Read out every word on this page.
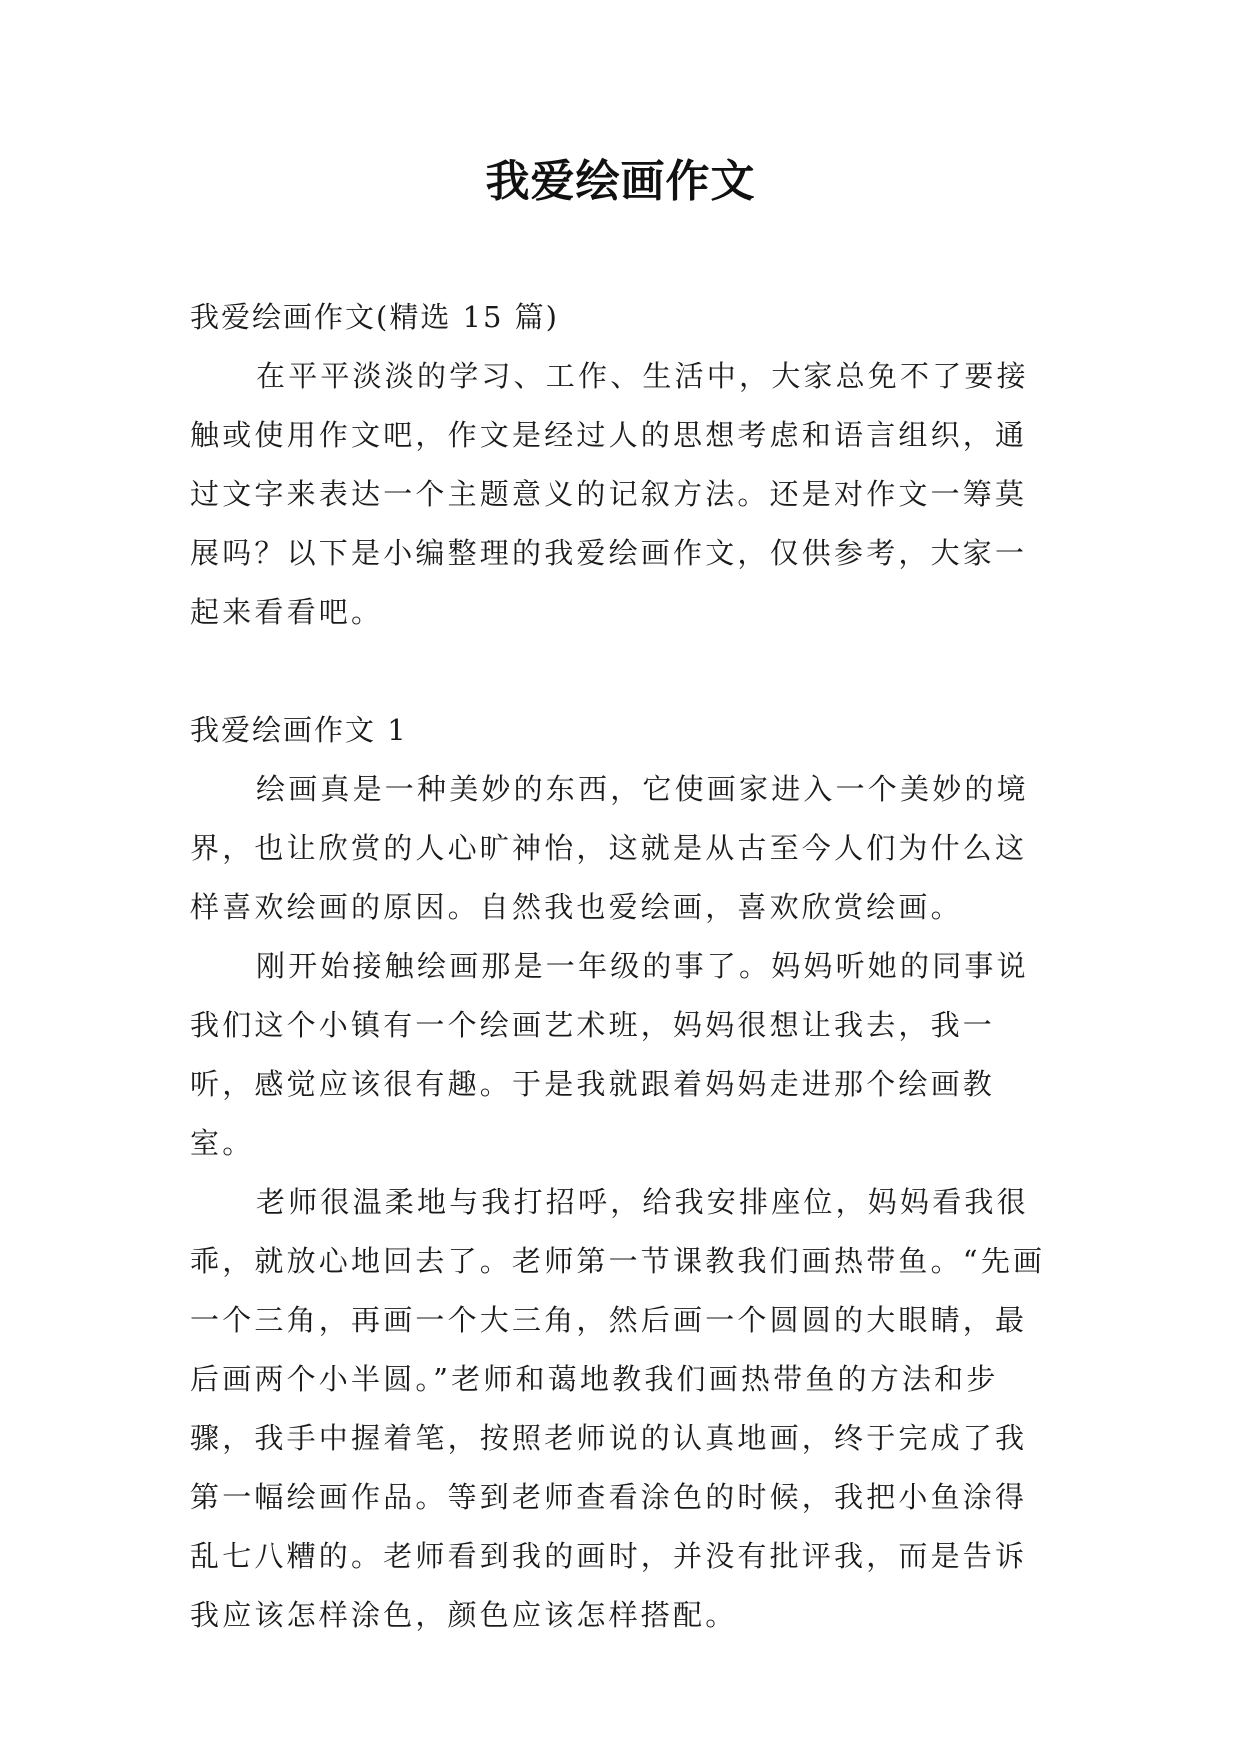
我爱绘画作文

我爱绘画作文(精选 15 篇)

在平平淡淡的学习、工作、生活中，大家总免不了要接触或使用作文吧，作文是经过人的思想考虑和语言组织，通过文字来表达一个主题意义的记叙方法。还是对作文一筹莫展吗？以下是小编整理的我爱绘画作文，仅供参考，大家一起来看看吧。

我爱绘画作文 1

绘画真是一种美妙的东西，它使画家进入一个美妙的境界，也让欣赏的人心旷神怡，这就是从古至今人们为什么这样喜欢绘画的原因。自然我也爱绘画，喜欢欣赏绘画。

刚开始接触绘画那是一年级的事了。妈妈听她的同事说我们这个小镇有一个绘画艺术班，妈妈很想让我去，我一听，感觉应该很有趣。于是我就跟着妈妈走进那个绘画教室。

老师很温柔地与我打招呼，给我安排座位，妈妈看我很乖，就放心地回去了。老师第一节课教我们画热带鱼。“先画一个三角，再画一个大三角，然后画一个圆圆的大眼睛，最后画两个小半圆。”老师和蔼地教我们画热带鱼的方法和步骤，我手中握着笔，按照老师说的认真地画，终于完成了我第一幅绘画作品。等到老师查看涂色的时候，我把小鱼涂得乱七八糟的。老师看到我的画时，并没有批评我，而是告诉我应该怎样涂色，颜色应该怎样搭配。
